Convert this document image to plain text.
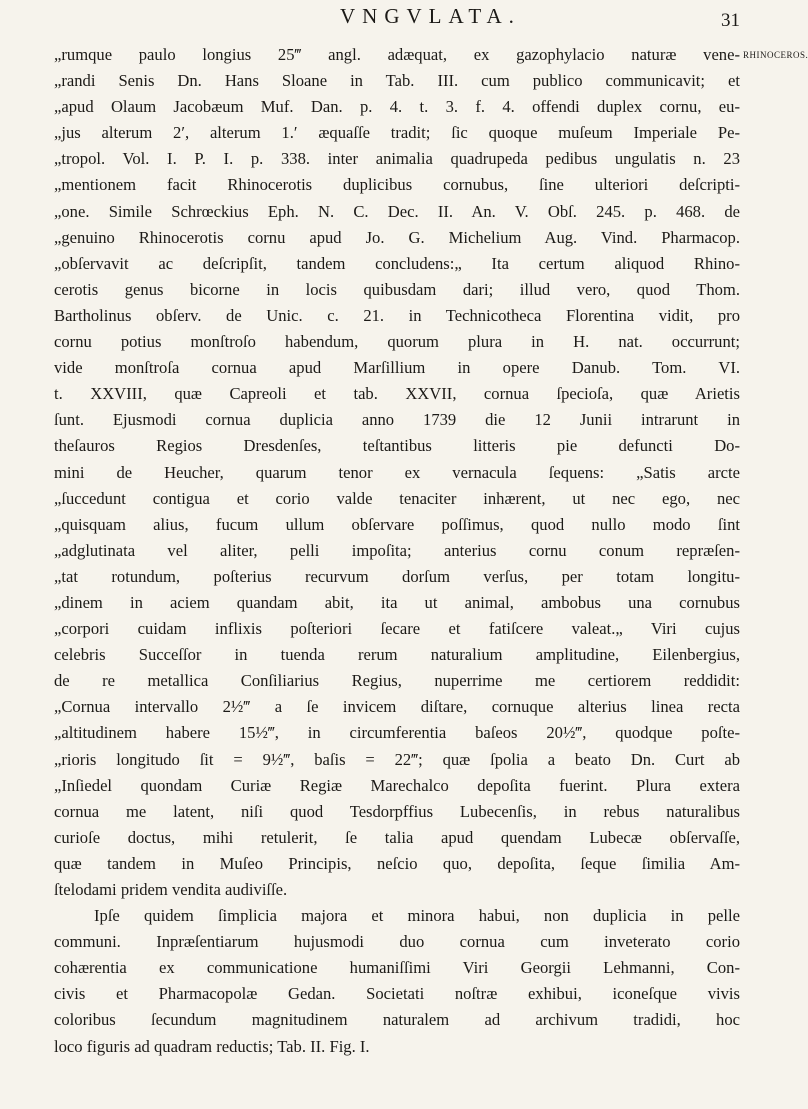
VNGVLATA.	31
RHINOCEROS.
„rumque paulo longius 25‴ angl. adæquat, ex gazophylacio naturæ vene-
„randi Senis Dn. Hans Sloane in Tab. III. cum publico communicavit; et
„apud Olaum Jacobæum Muf. Dan. p. 4. t. 3. f. 4. offendi duplex cornu, eu-
„jus alterum 2ʹ, alterum 1.ʹ æquaſſe tradit; ſic quoque muſeum Imperiale Pe-
„tropol. Vol. I. P. I. p. 338. inter animalia quadrupeda pedibus ungulatis n. 23
„mentionem facit Rhinocerotis duplicibus cornubus, ſine ulteriori deſcripti-
„one. Simile Schrœckius Eph. N. C. Dec. II. An. V. Obſ. 245. p. 468. de
„genuino Rhinocerotis cornu apud Jo. G. Michelium Aug. Vind. Pharmacop.
„obſervavit ac deſcripſit, tandem concludens:„ Ita certum aliquod Rhino-
cerotis genus bicorne in locis quibusdam dari; illud vero, quod Thom.
Bartholinus obſerv. de Unic. c. 21. in Technicotheca Florentina vidit, pro
cornu potius monſtroſo habendum, quorum plura in H. nat. occurrunt;
vide monſtroſa cornua apud Marſillium in opere Danub. Tom. VI.
t. XXVIII, quæ Capreoli et tab. XXVII, cornua ſpecioſa, quæ Arietis
ſunt. Ejusmodi cornua duplicia anno 1739 die 12 Junii intrarunt in
theſauros Regios Dresdenſes, teſtantibus litteris pie defuncti Do-
mini de Heucher, quarum tenor ex vernacula ſequens: „Satis arcte
„ſuccedunt contigua et corio valde tenaciter inhærent, ut nec ego, nec
„quisquam alius, fucum ullum obſervare poſſimus, quod nullo modo ſint
„adglutinata vel aliter, pelli impoſita; anterius cornu conum repræſen-
„tat rotundum, poſterius recurvum dorſum verſus, per totam longitu-
„dinem in aciem quandam abit, ita ut animal, ambobus una cornubus
„corpori cuidam inflixis poſteriori ſecare et fatiſcere valeat.„ Viri cujus
celebris Succeſſor in tuenda rerum naturalium amplitudine, Eilenbergius,
de re metallica Conſiliarius Regius, nuperrime me certiorem reddidit:
„Cornua intervallo 2½‴ a ſe invicem diſtare, cornuque alterius linea recta
„altitudinem habere 15½‴, in circumferentia baſeos 20½‴, quodque poſte-
„rioris longitudo ſit = 9½‴, baſis = 22‴; quæ ſpolia a beato Dn. Curt ab
„Inſiedel quondam Curiæ Regiæ Marechalco depoſita fuerint. Plura extera
cornua me latent, niſi quod Tesdorpffius Lubecenſis, in rebus naturalibus
curioſe doctus, mihi retulerit, ſe talia apud quendam Lubecæ obſervaſſe,
quæ tandem in Muſeo Principis, neſcio quo, depoſita, ſeque ſimilia Am-
ſtelodami pridem vendita audiviſſe.
Ipſe quidem ſimplicia majora et minora habui, non duplicia in pelle
communi. Inpræſentiarum hujusmodi duo cornua cum inveterato corio
cohærentia ex communicatione humaniſſimi Viri Georgii Lehmanni, Con-
civis et Pharmacopolæ Gedan. Societati noſtræ exhibui, iconeſque vivis
coloribus ſecundum magnitudinem naturalem ad archivum tradidi, hoc
loco figuris ad quadram reductis; Tab. II. Fig. I.
